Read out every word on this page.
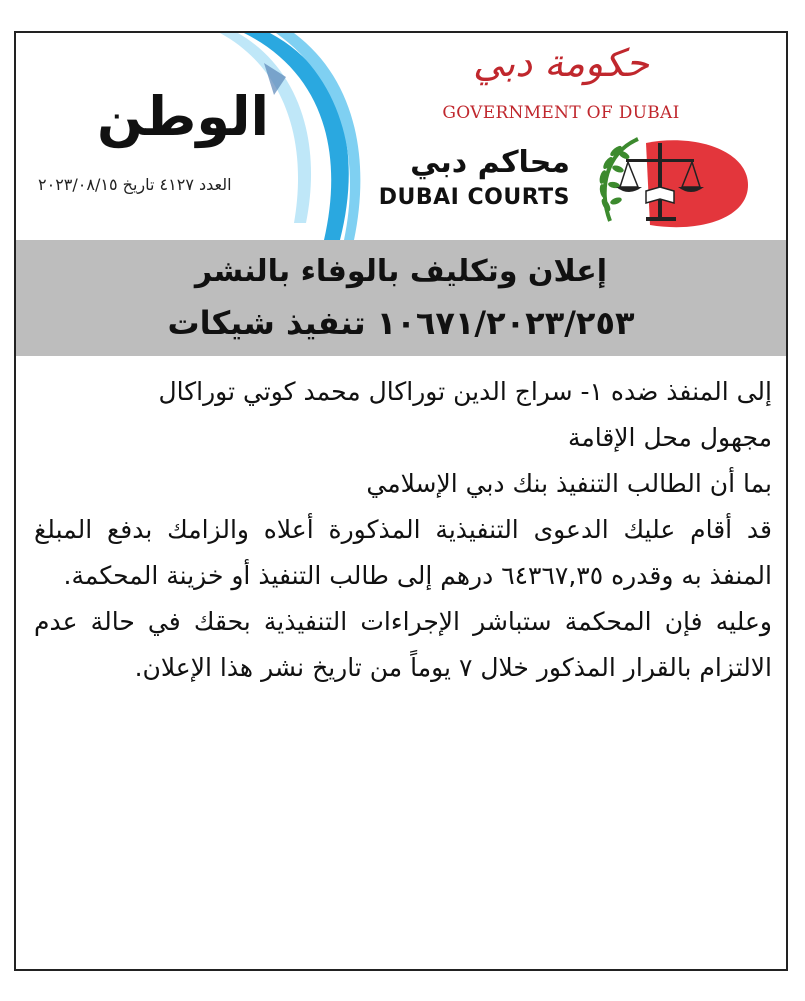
الوطن
العدد ٤١٢٧ تاريخ ٢٠٢٣/٠٨/١٥
حكومة دبي
GOVERNMENT OF DUBAI
محاكم دبي
DUBAI COURTS
إعلان وتكليف بالوفاء بالنشر
١٠٦٧١/٢٠٢٣/٢٥٣ تنفيذ شيكات

إلى المنفذ ضده ١- سراج الدين توراكال محمد كوتي توراكال

مجهول محل الإقامة

بما أن الطالب التنفيذ بنك دبي الإسلامي

قد أقام عليك الدعوى التنفيذية المذكورة أعلاه والزامك بدفع المبلغ المنفذ به وقدره ٦٤٣٦٧,٣٥ درهم إلى طالب التنفيذ أو خزينة المحكمة.

وعليه فإن المحكمة ستباشر الإجراءات التنفيذية بحقك في حالة عدم الالتزام بالقرار المذكور خلال ٧ يوماً من تاريخ نشر هذا الإعلان.
